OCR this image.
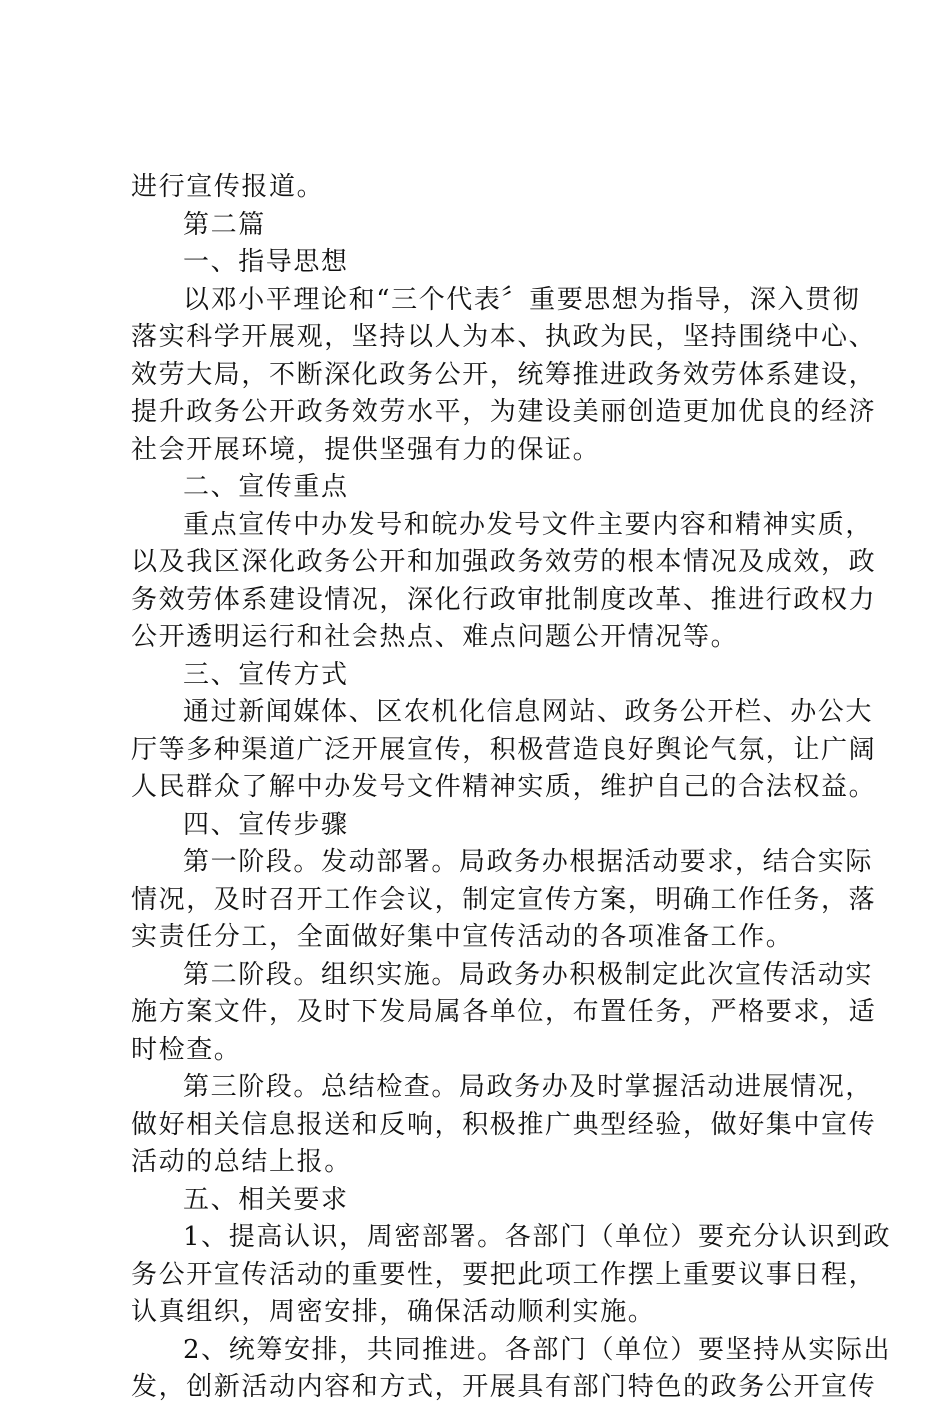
进行宣传报道。
第二篇
一、指导思想
以邓小平理论和“三个代表〞重要思想为指导，深入贯彻
落实科学开展观，坚持以人为本、执政为民，坚持围绕中心、
效劳大局，不断深化政务公开，统筹推进政务效劳体系建设，
提升政务公开政务效劳水平，为建设美丽创造更加优良的经济
社会开展环境，提供坚强有力的保证。
二、宣传重点
重点宣传中办发号和皖办发号文件主要内容和精神实质，
以及我区深化政务公开和加强政务效劳的根本情况及成效，政
务效劳体系建设情况，深化行政审批制度改革、推进行政权力
公开透明运行和社会热点、难点问题公开情况等。
三、宣传方式
通过新闻媒体、区农机化信息网站、政务公开栏、办公大
厅等多种渠道广泛开展宣传，积极营造良好舆论气氛，让广阔
人民群众了解中办发号文件精神实质，维护自己的合法权益。
四、宣传步骤
第一阶段。发动部署。局政务办根据活动要求，结合实际
情况，及时召开工作会议，制定宣传方案，明确工作任务，落
实责任分工，全面做好集中宣传活动的各项准备工作。
第二阶段。组织实施。局政务办积极制定此次宣传活动实
施方案文件，及时下发局属各单位，布置任务，严格要求，适
时检查。
第三阶段。总结检查。局政务办及时掌握活动进展情况，
做好相关信息报送和反响，积极推广典型经验，做好集中宣传
活动的总结上报。
五、相关要求
1、提高认识，周密部署。各部门（单位）要充分认识到政
务公开宣传活动的重要性，要把此项工作摆上重要议事日程，
认真组织，周密安排，确保活动顺利实施。
2、统筹安排，共同推进。各部门（单位）要坚持从实际出
发，创新活动内容和方式，开展具有部门特色的政务公开宣传
